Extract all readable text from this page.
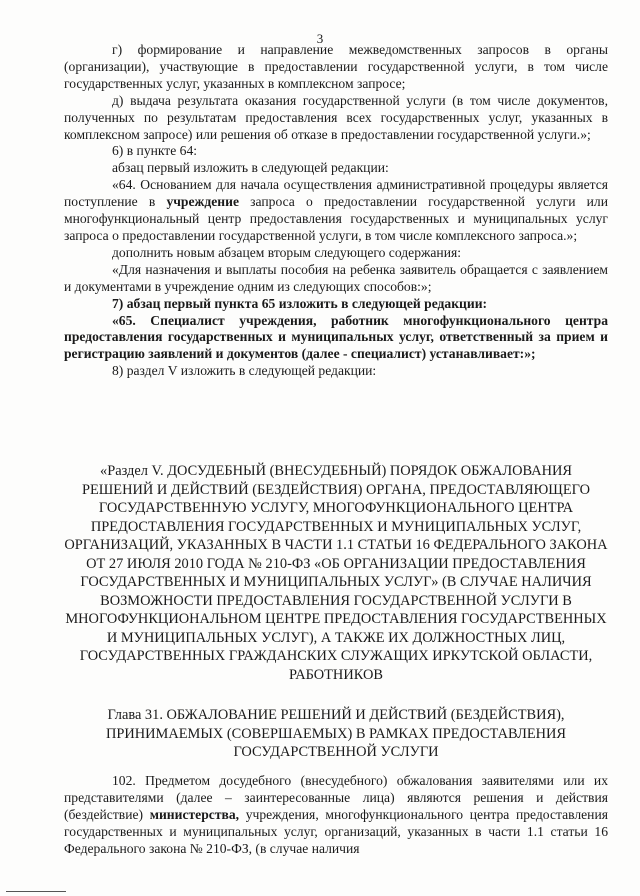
3

г) формирование и направление межведомственных запросов в органы (организации), участвующие в предоставлении государственной услуги, в том числе государственных услуг, указанных в комплексном запросе;

д) выдача результата оказания государственной услуги (в том числе документов, полученных по результатам предоставления всех государственных услуг, указанных в комплексном запросе) или решения об отказе в предоставлении государственной услуги.»;

6) в пункте 64:

абзац первый изложить в следующей редакции:

«64. Основанием для начала осуществления административной процедуры является поступление в учреждение запроса о предоставлении государственной услуги или многофункциональный центр предоставления государственных и муниципальных услуг запроса о предоставлении государственной услуги, в том числе комплексного запроса.»;

дополнить новым абзацем вторым следующего содержания:

«Для назначения и выплаты пособия на ребенка заявитель обращается с заявлением и документами в учреждение одним из следующих способов:»;

7) абзац первый пункта 65 изложить в следующей редакции:

«65. Специалист учреждения, работник многофункционального центра предоставления государственных и муниципальных услуг, ответственный за прием и регистрацию заявлений и документов (далее - специалист) устанавливает:»;

8) раздел V изложить в следующей редакции:

«Раздел V. ДОСУДЕБНЫЙ (ВНЕСУДЕБНЫЙ) ПОРЯДОК ОБЖАЛОВАНИЯ РЕШЕНИЙ И ДЕЙСТВИЙ (БЕЗДЕЙСТВИЯ) ОРГАНА, ПРЕДОСТАВЛЯЮЩЕГО ГОСУДАРСТВЕННУЮ УСЛУГУ, МНОГОФУНКЦИОНАЛЬНОГО ЦЕНТРА ПРЕДОСТАВЛЕНИЯ ГОСУДАРСТВЕННЫХ И МУНИЦИПАЛЬНЫХ УСЛУГ, ОРГАНИЗАЦИЙ, УКАЗАННЫХ В ЧАСТИ 1.1 СТАТЬИ 16 ФЕДЕРАЛЬНОГО ЗАКОНА ОТ 27 ИЮЛЯ 2010 ГОДА № 210-ФЗ «ОБ ОРГАНИЗАЦИИ ПРЕДОСТАВЛЕНИЯ ГОСУДАРСТВЕННЫХ И МУНИЦИПАЛЬНЫХ УСЛУГ» (В СЛУЧАЕ НАЛИЧИЯ ВОЗМОЖНОСТИ ПРЕДОСТАВЛЕНИЯ ГОСУДАРСТВЕННОЙ УСЛУГИ В МНОГОФУНКЦИОНАЛЬНОМ ЦЕНТРЕ ПРЕДОСТАВЛЕНИЯ ГОСУДАРСТВЕННЫХ И МУНИЦИПАЛЬНЫХ УСЛУГ), А ТАКЖЕ ИХ ДОЛЖНОСТНЫХ ЛИЦ, ГОСУДАРСТВЕННЫХ ГРАЖДАНСКИХ СЛУЖАЩИХ ИРКУТСКОЙ ОБЛАСТИ, РАБОТНИКОВ
Глава 31. ОБЖАЛОВАНИЕ РЕШЕНИЙ И ДЕЙСТВИЙ (БЕЗДЕЙСТВИЯ), ПРИНИМАЕМЫХ (СОВЕРШАЕМЫХ) В РАМКАХ ПРЕДОСТАВЛЕНИЯ ГОСУДАРСТВЕННОЙ УСЛУГИ

102. Предметом досудебного (внесудебного) обжалования заявителями или их представителями (далее – заинтересованные лица) являются решения и действия (бездействие) министерства, учреждения, многофункционального центра предоставления государственных и муниципальных услуг, организаций, указанных в части 1.1 статьи 16 Федерального закона № 210-ФЗ, (в случае наличия
